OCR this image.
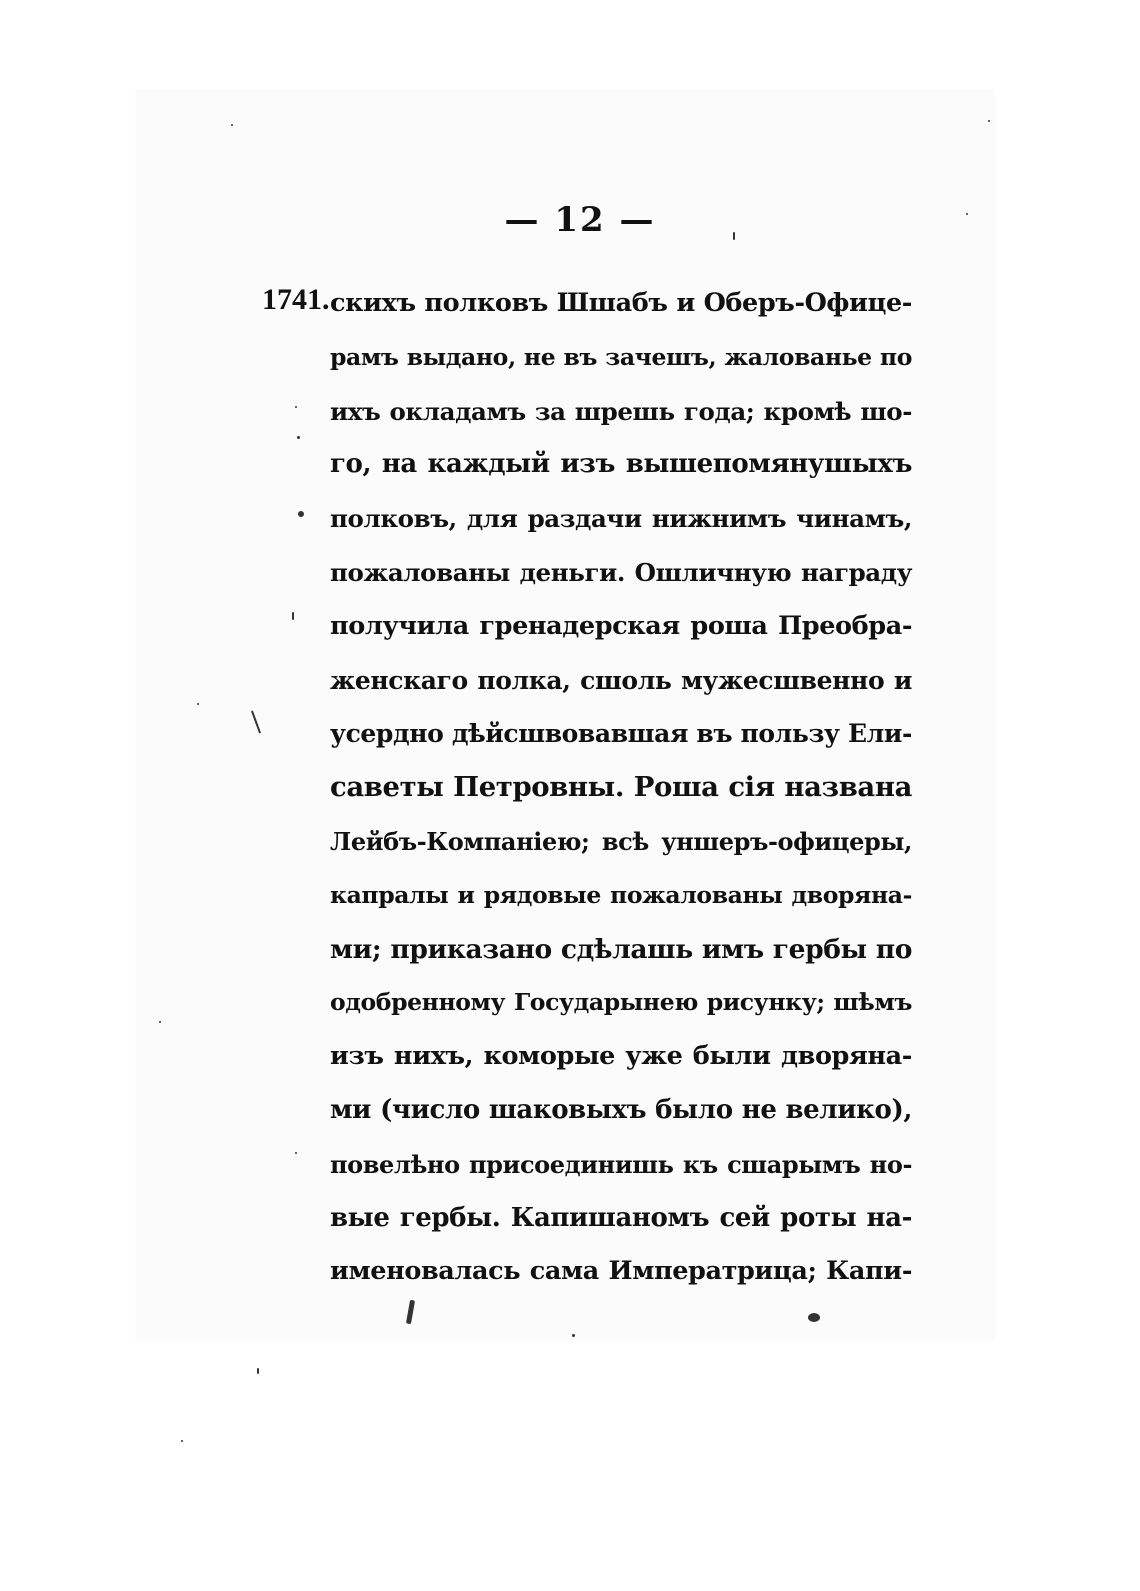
— 12 —
1741. скихъ полковъ Шшабъ и Оберъ-Офице-
рамъ выдано, не въ зачешъ, жалованье по
ихъ окладамъ за шрешь года; кромѣ шо-
го, на каждый изъ вышепомянушыхъ
полковъ, для раздачи нижнимъ чинамъ,
пожалованы деньги. Ошличную награду
получила гренадерская роша Преобра-
женскаго полка, сшоль мужесшвенно и
усердно дѣйсшвовавшая въ пользу Ели-
саветы Петровны. Роша сія названа
Лейбъ-Компаніею; всѣ уншеръ-офицеры,
капралы и рядовые пожалованы дворяна-
ми; приказано сдѣлашь имъ гербы по
одобренному Государынею рисунку; шѣмъ
изъ нихъ, коморые уже были дворяна-
ми (число шаковыхъ было не велико),
повелѣно присоединишь къ сшарымъ но-
вые гербы. Капишаномъ сей роты на-
именовалась сама Императрица; Капи-
